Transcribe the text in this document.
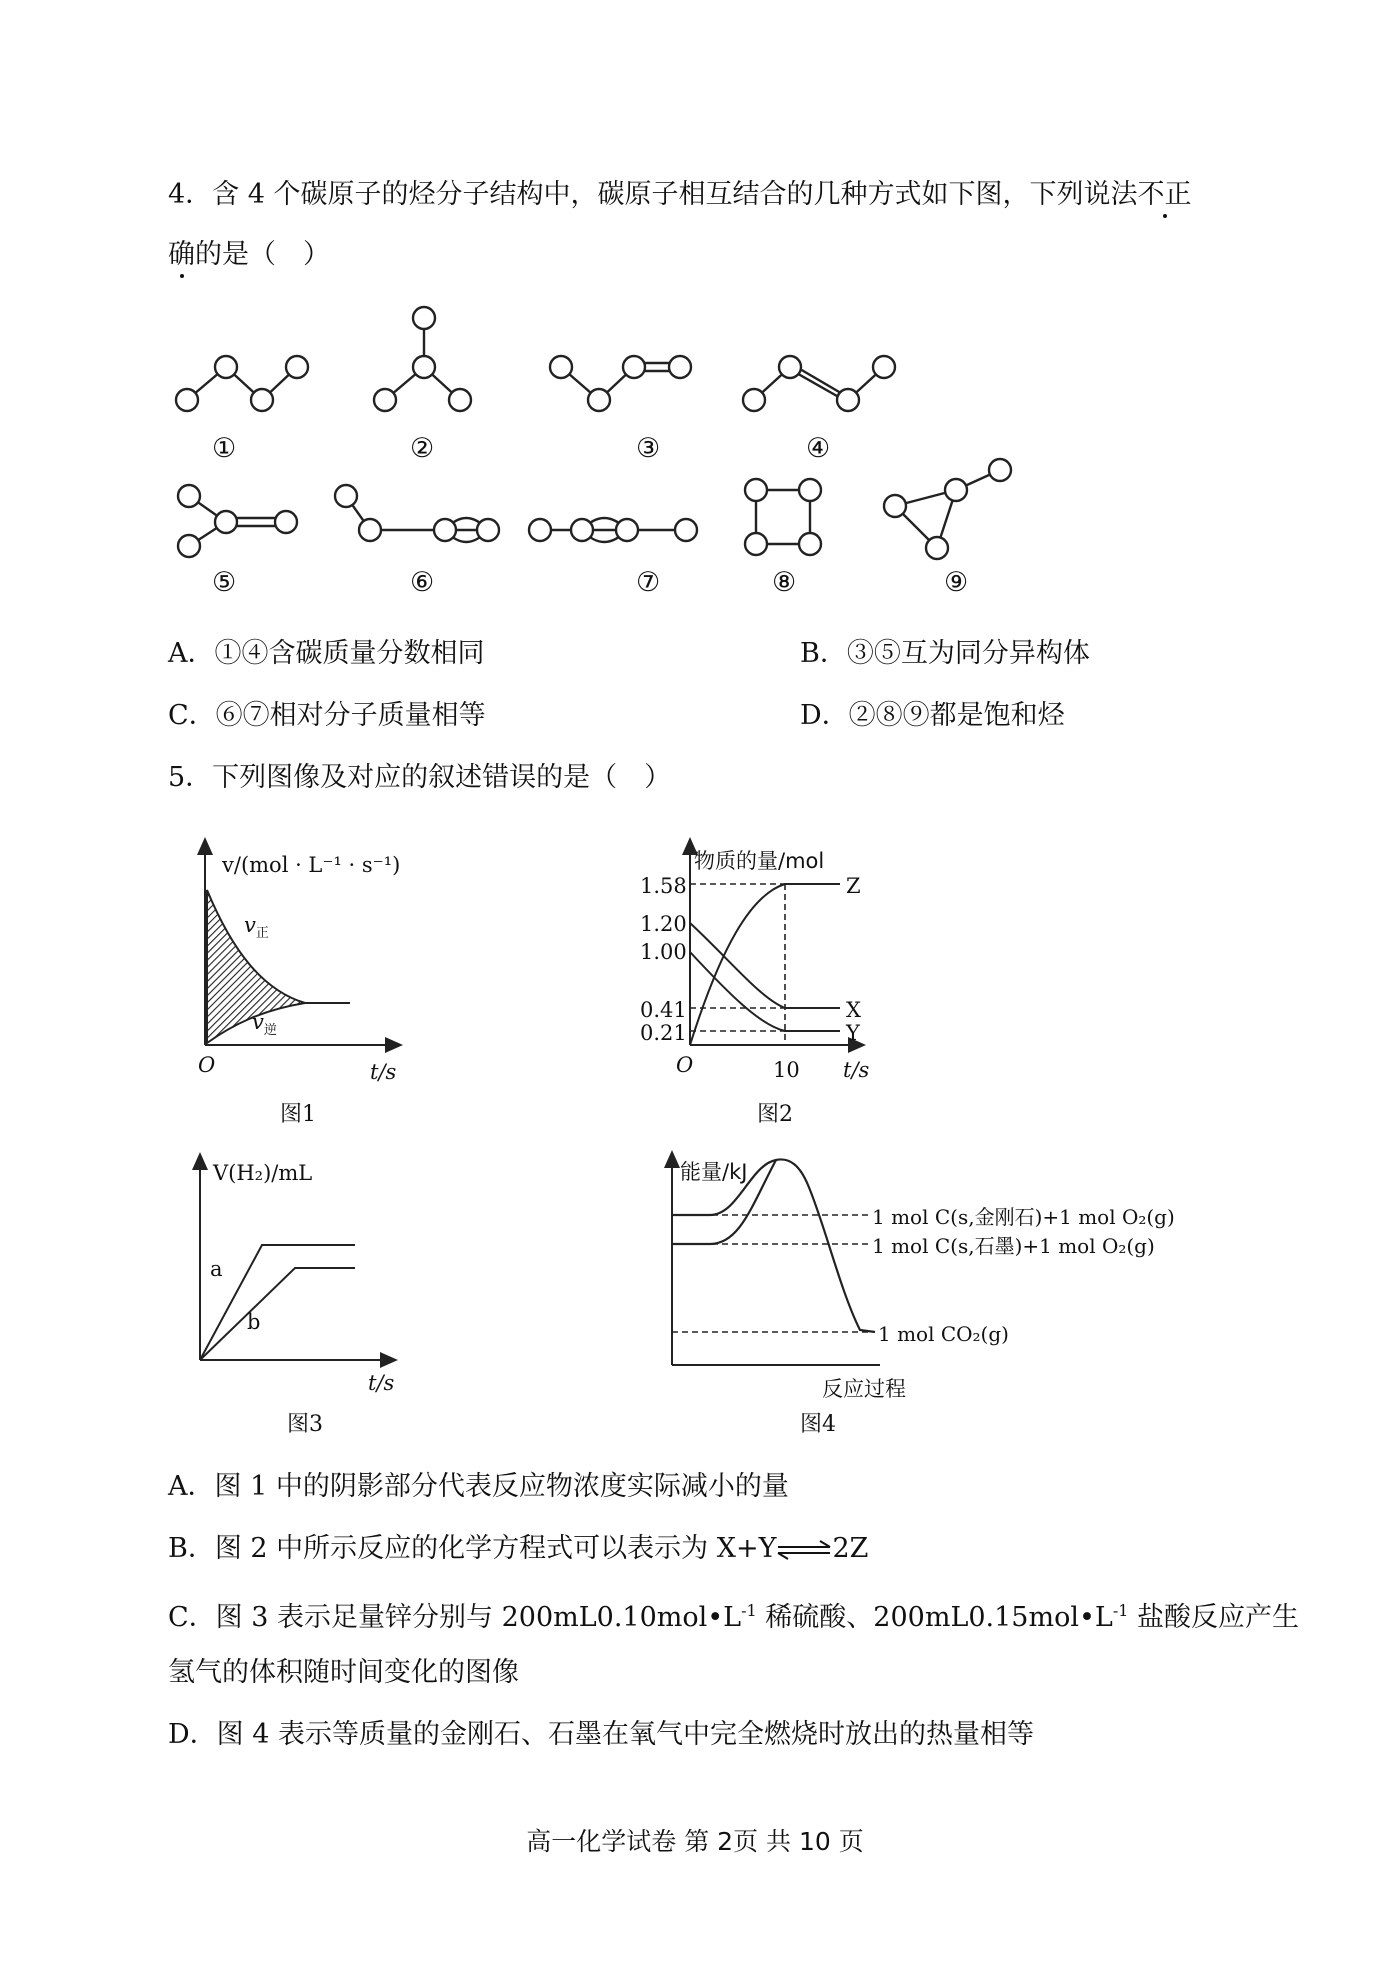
4．含 4 个碳原子的烃分子结构中，碳原子相互结合的几种方式如下图，下列说法不正
确的是（　）
①	②	③	④
⑤	⑥	⑦	⑧	⑨
A．①④含碳质量分数相同	B．③⑤互为同分异构体
C．⑥⑦相对分子质量相等	D．②⑧⑨都是饱和烃
5．下列图像及对应的叙述错误的是（　）
v/(mol · L⁻¹ · s⁻¹)
$v_正$
$v_逆$
O	t/s
图1
物质的量/mol
1.58
1.20
1.00
0.41
0.21
Z
X
Y
O	10 t/s
图2
V(H₂)/mL
a
b
t/s
图3
能量/kJ
1 mol C(s,金刚石)+1 mol O₂(g)
1 mol C(s,石墨)+1 mol O₂(g)
1 mol CO₂(g)
反应过程
图4
A．图 1 中的阴影部分代表反应物浓度实际减小的量
B．图 2 中所示反应的化学方程式可以表示为 X+Y⇌2Z
C．图 3 表示足量锌分别与 $200mL0.10mol•L^{-1}$ 稀硫酸、$200mL0.15mol•L^{-1}$ 盐酸反应产生
氢气的体积随时间变化的图像
D．图 4 表示等质量的金刚石、石墨在氧气中完全燃烧时放出的热量相等
高一化学试卷 第 2页 共 10 页
